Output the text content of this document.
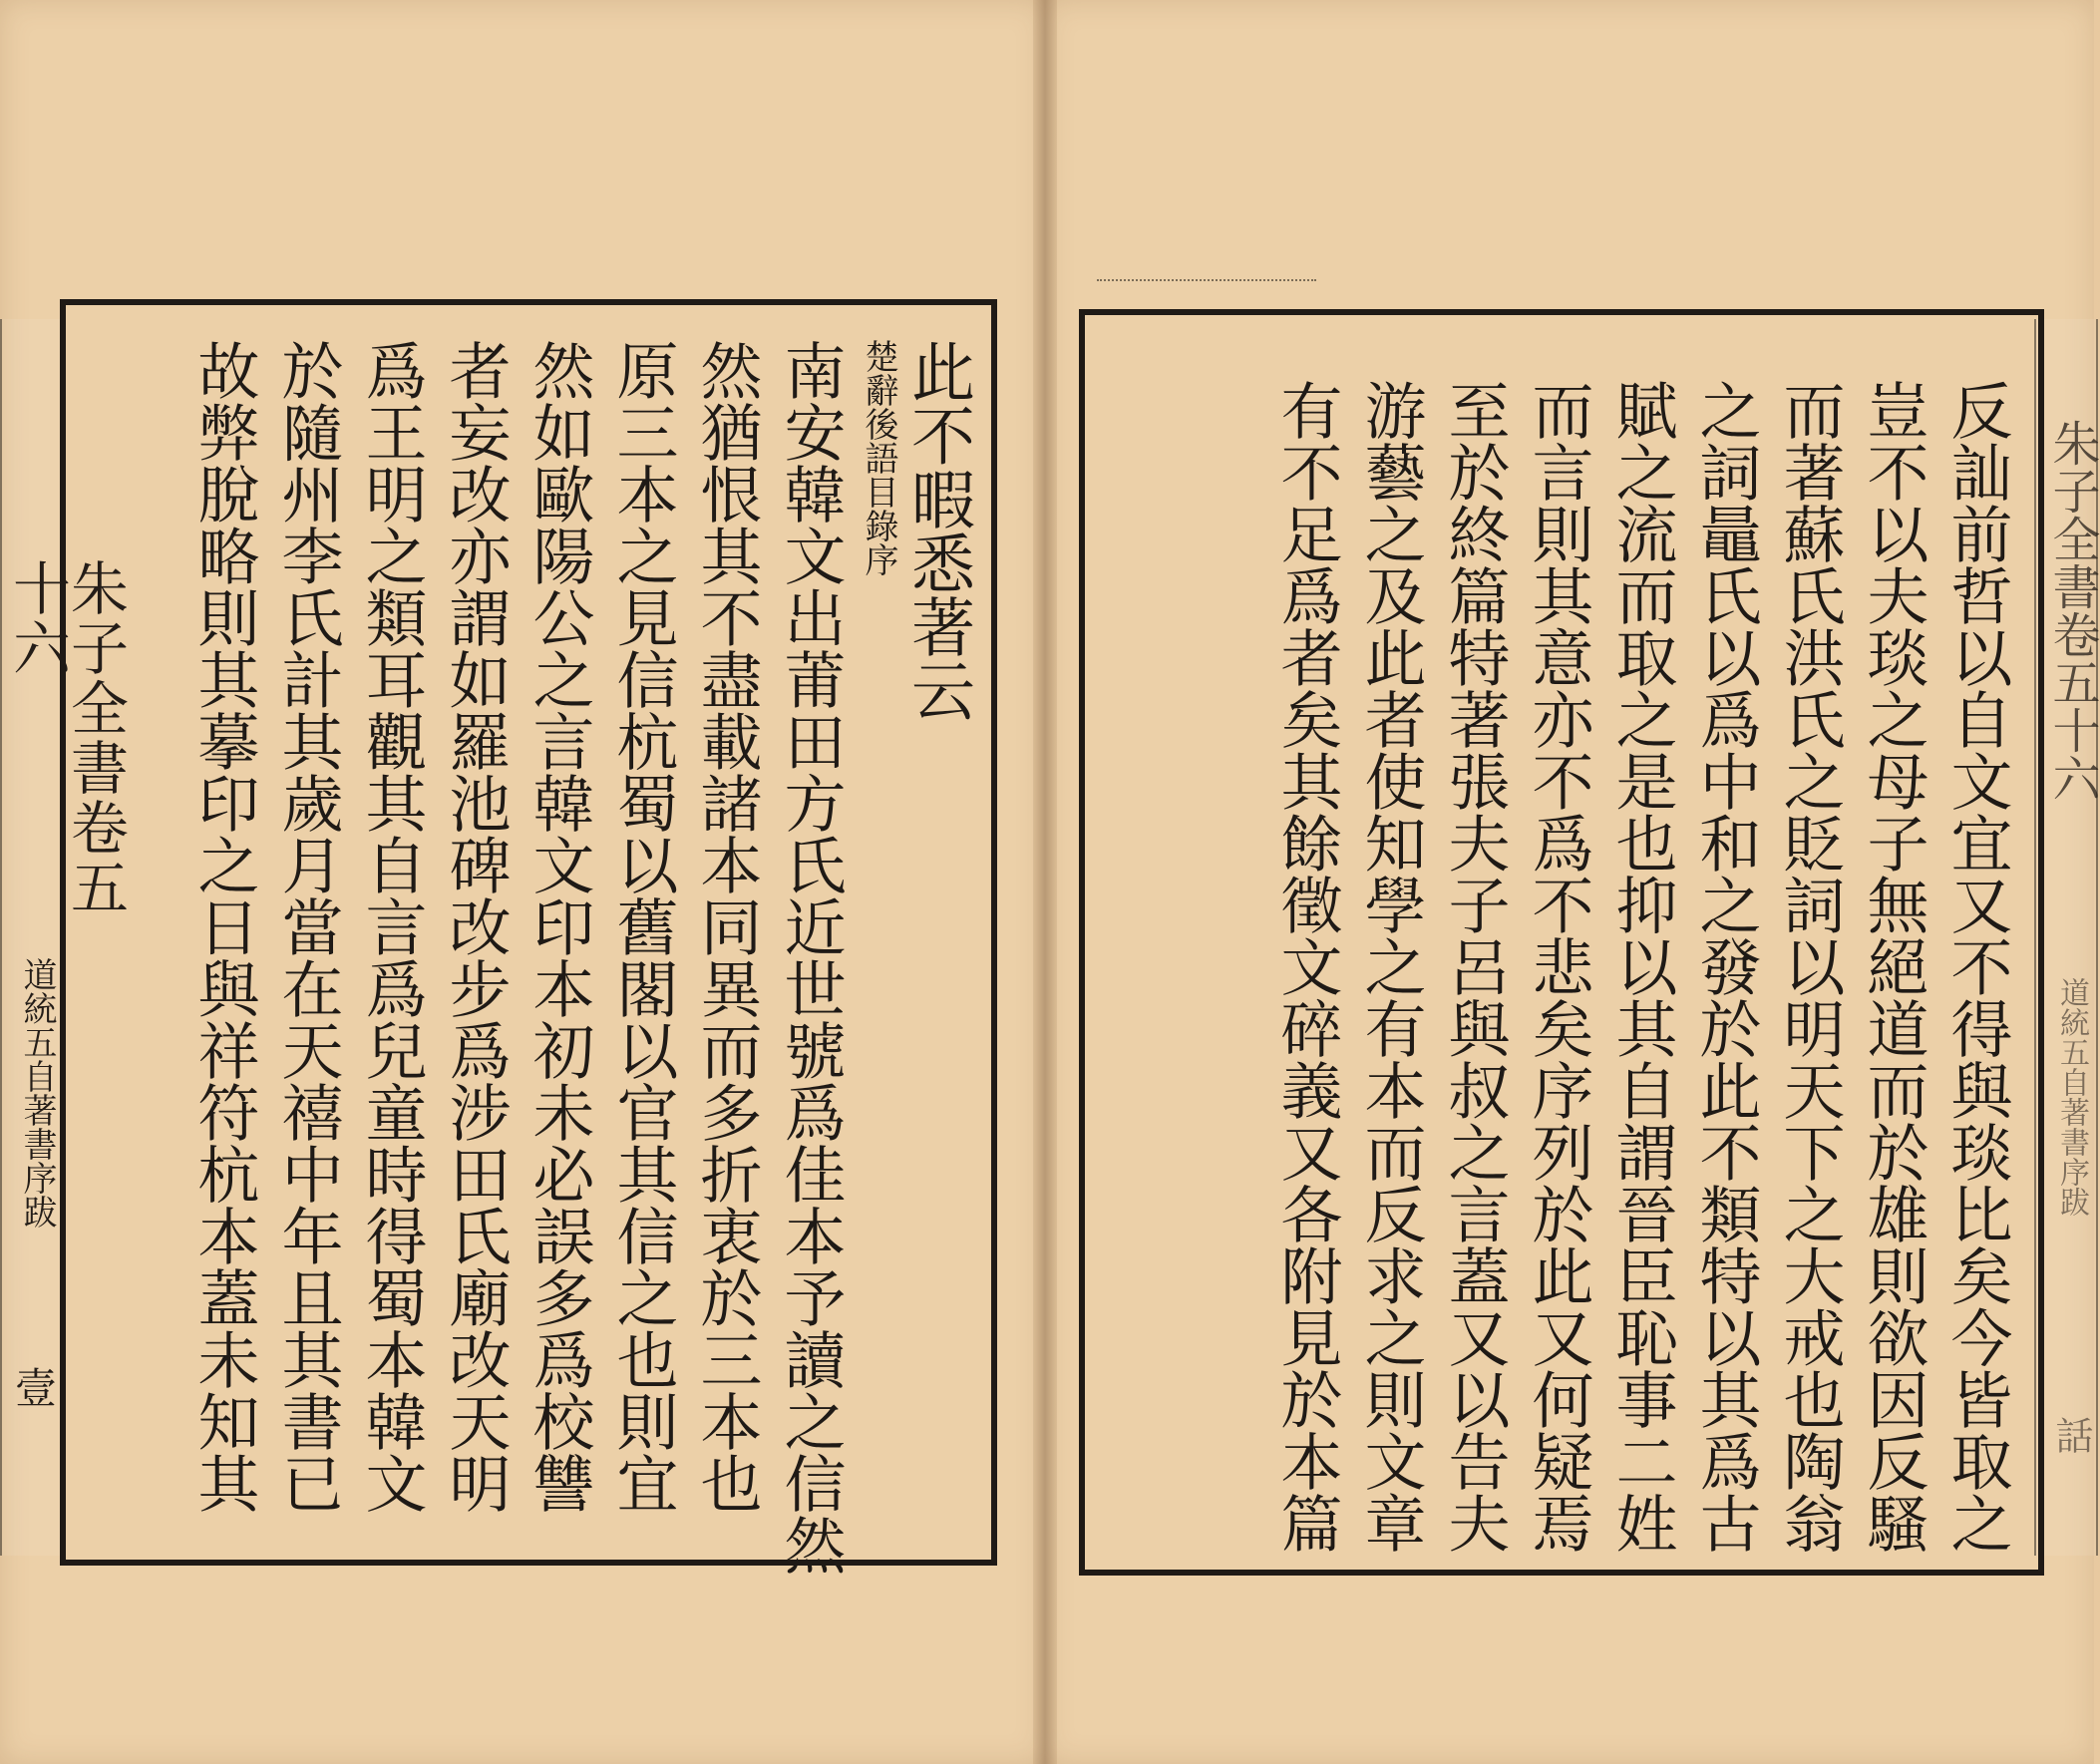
朱子全書卷五十六
道統五自著書序跋
壹
朱子全書卷五十六
道統五自著書序跋
話
反訕前哲以自文宜又不得與琰比矣今皆取之
豈不以夫琰之母子無絕道而於雄則欲因反騷
而著蘇氏洪氏之貶詞以明天下之大戒也陶翁
之詞鼂氏以爲中和之發於此不類特以其爲古
賦之流而取之是也抑以其自謂晉臣恥事二姓
而言則其意亦不爲不悲矣序列於此又何疑焉
至於終篇特著張夫子呂與叔之言蓋又以告夫
游藝之及此者使知學之有本而反求之則文章
有不足爲者矣其餘徵文碎義又各附見於本篇
此不暇悉著云
楚辭後語目錄序
南安韓文出莆田方氏近世號爲佳本予讀之信然
然猶恨其不盡載諸本同異而多折衷於三本也
原三本之見信杭蜀以舊閣以官其信之也則宜
然如歐陽公之言韓文印本初未必誤多爲校讐
者妄改亦謂如羅池碑改步爲涉田氏廟改天明
爲王明之類耳觀其自言爲兒童時得蜀本韓文
於隨州李氏計其歲月當在天禧中年且其書已
故弊脫略則其摹印之日與祥符杭本蓋未知其
